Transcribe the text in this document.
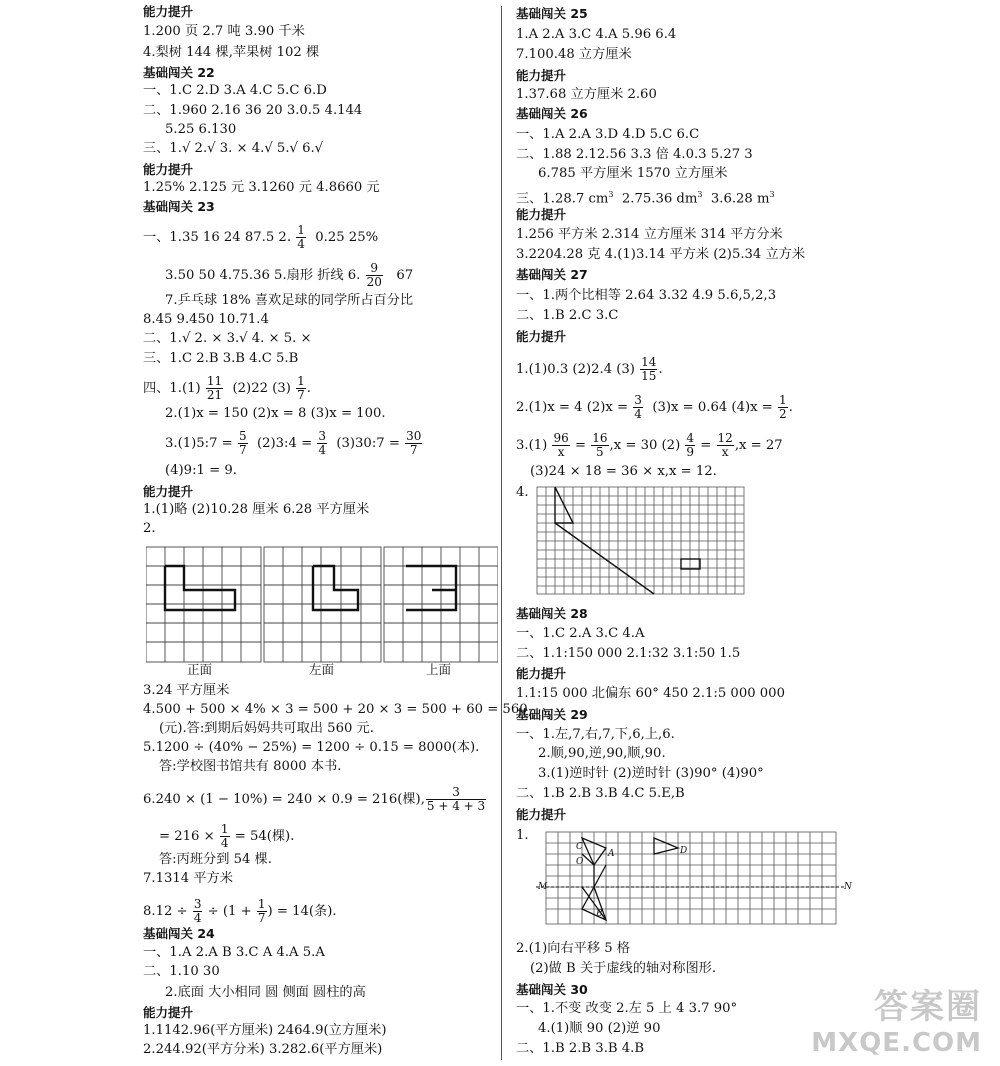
能力提升
1.200 页 2.7 吨 3.90 千米
4.梨树 144 棵,苹果树 102 棵
基础闯关 22
一、1.C 2.D 3.A 4.C 5.C 6.D
二、1.960 2.16 36 20 3.0.5 4.144
5.25 6.130
三、1.√ 2.√ 3. × 4.√ 5.√ 6.√
能力提升
1.25% 2.125 元 3.1260 元 4.8660 元
基础闯关 23
一、1.35 16 24 87.5 2. $\frac{1}{4} 0.25$ 25%
3.50 50 4.75.36 5.扇形 折线 6. $\frac{9}{20} 67$
7.乒乓球 18% 喜欢足球的同学所占百分比
8.45 9.450 10.71.4
二、1.√ 2. × 3.√ 4. × 5. ×
三、1.C 2.B 3.B 4.C 5.B
四、$1.(1) \frac{11}{21} (2)22$ $(3) \frac{1}{7}$ .
2.(1)x = 150 (2)x = 8 (3)x = 100.
3.(1)5:7 = $\frac{5}{7}$ (2)3:4 = $\frac{3}{4}$ (3)30:7 = $\frac{30}{7}$
(4)9:1 = 9.
能力提升
1.(1)略 (2)10.28 厘米 6.28 平方厘米
2.
正面	左面	上面
3.24 平方厘米
4.500 + 500 × 4% × 3 = 500 + 20 × 3 = 500 + 60 = 560
(元).答:到期后妈妈共可取出 560 元.
5.1200 ÷ (40% − 25%) = 1200 ÷ 0.15 = 8000(本).
答:学校图书馆共有 8000 本书.
6.240 × (1 − 10%) = 240 × 0.9 = 216(棵), $\frac{3}{5 + 4 + 3}$
= $216 \times \frac{1}{4} = 54$(棵).
答:丙班分到 54 棵.
7.1314 平方米
$8.12 \div \frac{3}{4} \div (1 + \frac{1}{7}$ ) = 14(条).
基础闯关 24
一、1.A 2.A B 3.C A 4.A 5.A
二、1.10 30
2.底面 大小相同 圆 侧面 圆柱的高
能力提升
1.1142.96(平方厘米) 2464.9(立方厘米)
2.244.92(平方分米) 3.282.6(平方厘米)
基础闯关 25
1.A 2.A 3.C 4.A 5.96 6.4
7.100.48 立方厘米
能力提升
1.37.68 立方厘米 2.60
基础闯关 26
一、1.A 2.A 3.D 4.D 5.C 6.C
二、1.88 2.12.56 3.3 倍 4.0.3 5.27 3
6.785 平方厘米 1570 立方厘米
三、1.28.7 $cm^3$ 2.75.36 $dm^3$ 3.6.28 $m^3$
能力提升
1.256 平方米 2.314 立方厘米 314 平方分米
3.2204.28 克 4.(1)3.14 平方米 (2)5.34 立方米
基础闯关 27
一、1.两个比相等 2.64 3.32 4.9 5.6,5,2,3
二、1.B 2.C 3.C
能力提升
1.(1)0.3 (2)2.4 $(3) \frac{14}{15}$ .
2.(1)x = 4 $(2)x = \frac{3}{4} (3)x = 0.64$ $(4)x = \frac{1}{2}$ .
$3.(1) \frac{96}{x} = \frac{16}{5} ,x = 30$ $(2) \frac{4}{9} = \frac{12}{x} ,x = 27$
(3)24 × 18 = 36 × x,x = 12.
4.
基础闯关 28
一、1.C 2.A 3.C 4.A
二、1.1:150 000 2.1:32 3.1:50 1.5
能力提升
1.1:15 000 北偏东 60° 450 2.1:5 000 000
基础闯关 29
一、1.左,7,右,7,下,6,上,6.
2.顺,90,逆,90,顺,90.
3.(1)逆时针 (2)逆时针 (3)90° (4)90°
二、1.B 2.B 3.B 4.C 5.E,B
能力提升
1.
C
O
A	D
M	N
B
2.(1)向右平移 5 格
(2)做 B 关于虚线的轴对称图形.
基础闯关 30
一、1.不变 改变 2.左 5 上 4 3.7 90°
4.(1)顺 90 (2)逆 90
二、1.B 2.B 3.B 4.B
答案圈
MXQE.COM
